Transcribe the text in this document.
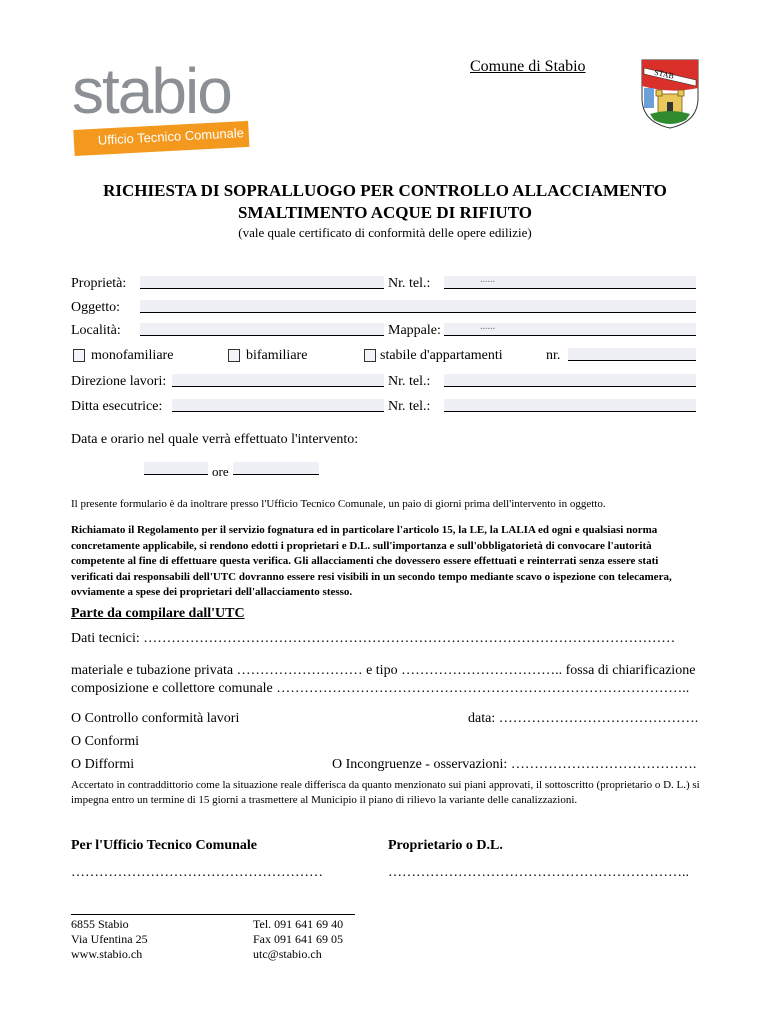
stabio
Ufficio Tecnico Comunale
Comune di Stabio	STAB
RICHIESTA DI SOPRALLUOGO PER CONTROLLO ALLACCIAMENTO
SMALTIMENTO ACQUE DI RIFIUTO
(vale quale certificato di conformità delle opere edilizie)
Proprietà:	Nr. tel.:	......
Oggetto:
Località:	Mappale:	......
monofamiliare	bifamiliare	stabile d'appartamenti	nr.
Direzione lavori:	Nr. tel.:
Ditta esecutrice:	Nr. tel.:
Data e orario nel quale verrà effettuato l'intervento:
ore
Il presente formulario è da inoltrare presso l'Ufficio Tecnico Comunale, un paio di giorni prima dell'intervento in oggetto.
Richiamato il Regolamento per il servizio fognatura ed in particolare l'articolo 15, la LE, la LALIA ed ogni e qualsiasi norma concretamente applicabile, si rendono edotti i proprietari e D.L. sull'importanza e sull'obbligatorietà di convocare l'autorità competente al fine di effettuare questa verifica. Gli allacciamenti che dovessero essere effettuati e reinterrati senza essere stati verificati dai responsabili dell'UTC dovranno essere resi visibili in un secondo tempo mediante scavo o ispezione con telecamera, ovviamente a spese dei proprietari dell'allacciamento stesso.
Parte da compilare dall'UTC
Dati tecnici: ……………………………………………………………………………………………………
materiale e tubazione privata ……………………… e tipo …………………………….. fossa di chiarificazione
composizione e collettore comunale ……………………………………………………………………………..
O Controllo conformità lavori	data: …………………………………….
O Conformi
O Difformi	O Incongruenze - osservazioni: ………………………………….
Accertato in contraddittorio come la situazione reale differisca da quanto menzionato sui piani approvati, il sottoscritto (proprietario o D. L.) si impegna entro un termine di 15 giorni a trasmettere al Municipio il piano di rilievo la variante delle canalizzazioni.
Per l'Ufficio Tecnico Comunale
………………………………………………
Proprietario o D.L.
………………………………………………………..
6855 Stabio
Via Ufentina 25
www.stabio.ch
Tel. 091 641 69 40
Fax 091 641 69 05
utc@stabio.ch
